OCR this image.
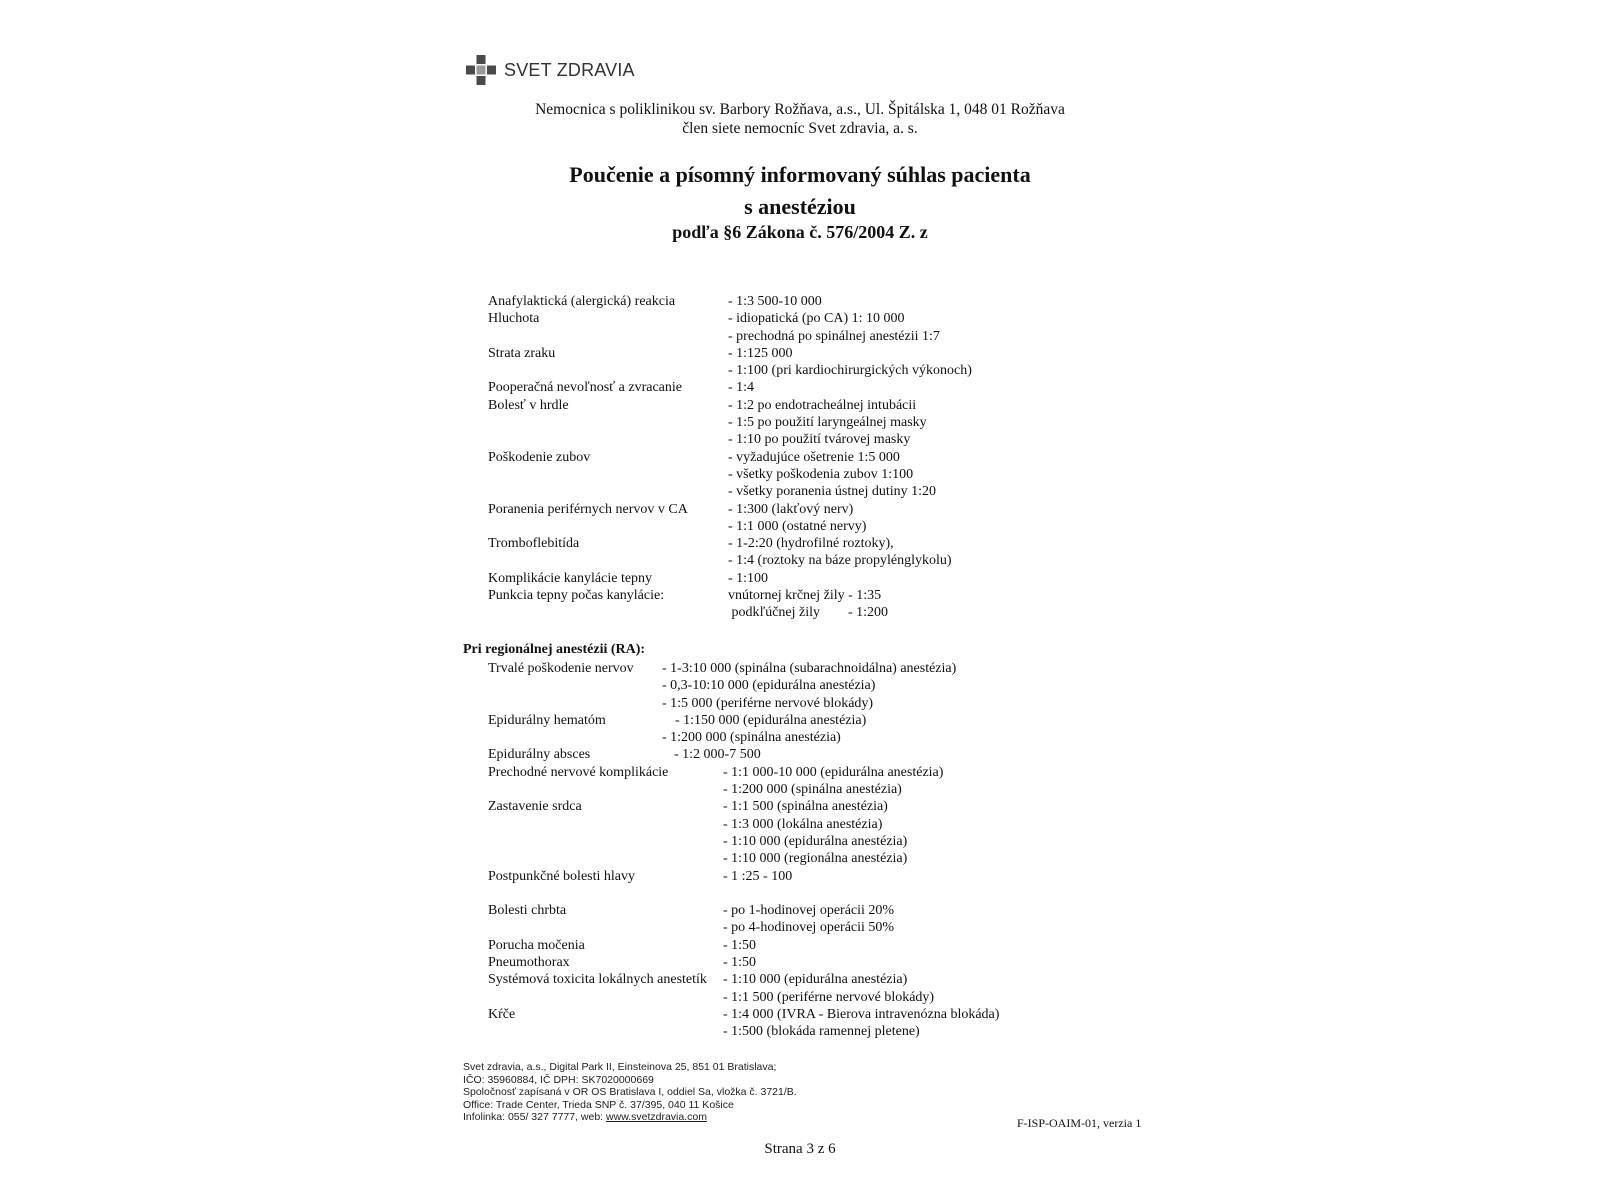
SVET ZDRAVIA
Nemocnica s poliklinikou sv. Barbory Rožňava, a.s., Ul. Špitálska 1, 048 01 Rožňava
člen siete nemocníc Svet zdravia, a. s.
Poučenie a písomný informovaný súhlas pacienta
s anestéziou
podľa §6 Zákona č. 576/2004 Z. z
Anafylaktická (alergická) reakcia	- 1:3 500-10 000
Hluchota	- idiopatická (po CA) 1: 10 000
- prechodná po spinálnej anestézii 1:7
Strata zraku	- 1:125 000
- 1:100 (pri kardiochirurgických výkonoch)
Pooperačná nevoľnosť a zvracanie	- 1:4
Bolesť v hrdle	- 1:2 po endotracheálnej intubácii
- 1:5 po použití laryngeálnej masky
- 1:10 po použití tvárovej masky
Poškodenie zubov	- vyžadujúce ošetrenie 1:5 000
- všetky poškodenia zubov 1:100
- všetky poranenia ústnej dutiny 1:20
Poranenia periférnych nervov v CA	- 1:300 (lakťový nerv)
- 1:1 000 (ostatné nervy)
Tromboflebitída	- 1-2:20 (hydrofilné roztoky),
- 1:4 (roztoky na báze propylénglykolu)
Komplikácie kanylácie tepny	- 1:100
Punkcia tepny počas kanylácie:	vnútornej krčnej žily - 1:35
podkľúčnej žily        - 1:200
Pri regionálnej anestézii (RA):
Trvalé poškodenie nervov - 1-3:10 000 (spinálna (subarachnoidálna) anestézia)
- 0,3-10:10 000 (epidurálna anestézia)
- 1:5 000 (periférne nervové blokády)
Epidurálny hematóm	- 1:150 000 (epidurálna anestézia)
- 1:200 000 (spinálna anestézia)
Epidurálny absces	- 1:2 000-7 500
Prechodné nervové komplikácie	- 1:1 000-10 000 (epidurálna anestézia)
- 1:200 000 (spinálna anestézia)
Zastavenie srdca	- 1:1 500 (spinálna anestézia)
- 1:3 000 (lokálna anestézia)
- 1:10 000 (epidurálna anestézia)
- 1:10 000 (regionálna anestézia)
Postpunkčné bolesti hlavy	- 1 :25 - 100
Bolesti chrbta	- po 1-hodinovej operácii 20%
- po 4-hodinovej operácii 50%
Porucha močenia	- 1:50
Pneumothorax	- 1:50
Systémová toxicita lokálnych anestetík - 1:10 000 (epidurálna anestézia)
- 1:1 500 (periférne nervové blokády)
Kŕče	- 1:4 000 (IVRA - Bierova intravenózna blokáda)
- 1:500 (blokáda ramennej pletene)
Svet zdravia, a.s., Digital Park II, Einsteinova 25, 851 01 Bratislava;
IČO: 35960884, IČ DPH: SK7020000669
Spoločnosť zapísaná v OR OS Bratislava I, oddiel Sa, vložka č. 3721/B.
Office: Trade Center, Trieda SNP č. 37/395, 040 11 Košice
Infolinka: 055/ 327 7777, web: www.svetzdravia.com	F-ISP-OAIM-01, verzia 1
Strana 3 z 6
